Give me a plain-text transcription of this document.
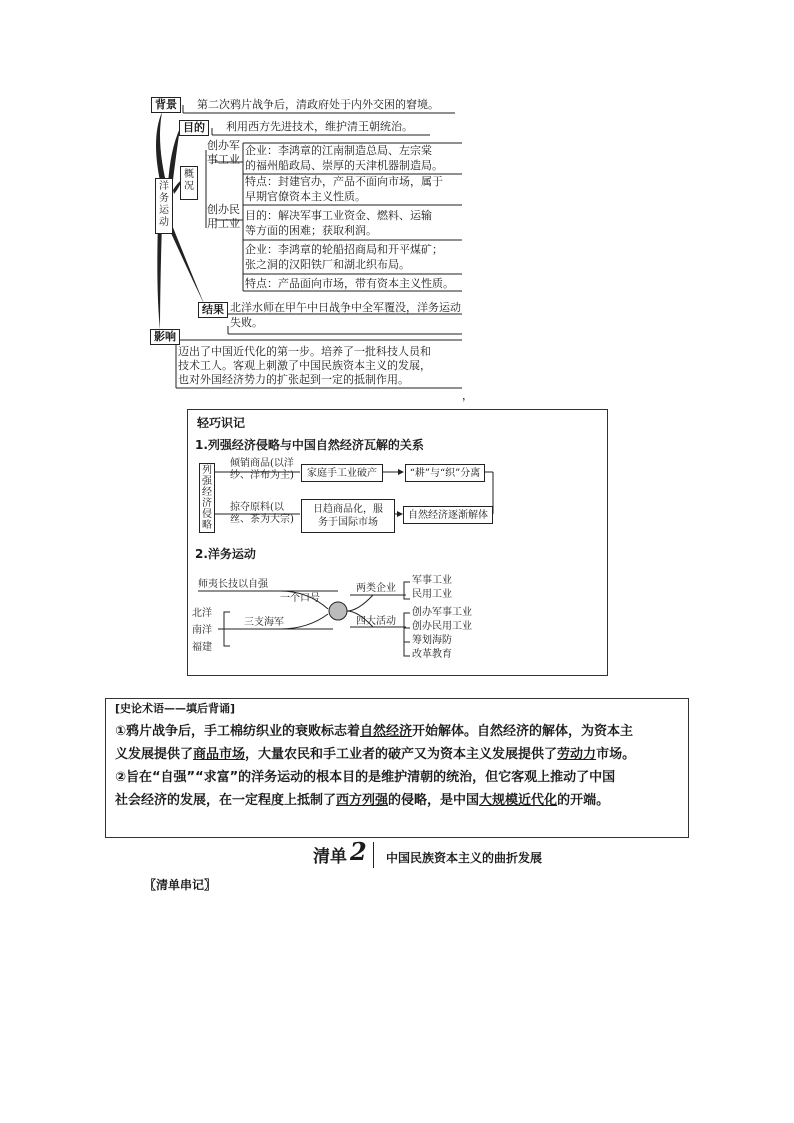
洋
务
运
动
背景	第二次鸦片战争后，清政府处于内外交困的窘境。
目的	利用西方先进技术，维护清王朝统治。
概
况
创办军
事工业
企业：李鸿章的江南制造总局、左宗棠
的福州船政局、崇厚的天津机器制造局。
特点：封建官办，产品不面向市场，属于
早期官僚资本主义性质。
创办民
用工业
目的：解决军事工业资金、燃料、运输
等方面的困难；获取利润。
企业：李鸿章的轮船招商局和开平煤矿；
张之洞的汉阳铁厂和湖北织布局。
特点：产品面向市场，带有资本主义性质。
结果 北洋水师在甲午中日战争中全军覆没，洋务运动
失败。
影响
迈出了中国近代化的第一步。培养了一批科技人员和
技术工人。客观上刺激了中国民族资本主义的发展，
也对外国经济势力的扩张起到一定的抵制作用。
，
轻巧识记
1.列强经济侵略与中国自然经济瓦解的关系
列
强
经
济
侵
略
倾销商品(以洋
纱、洋布为主)	家庭手工业破产	“耕”与“织”分离
掠夺原料(以
丝、茶为大宗)
日趋商品化，服
务于国际市场
自然经济逐渐解体
2.洋务运动
师夷长技以自强
一个口号
三支海军
北洋
南洋
福建
两类企业
军事工业
民用工业
四大活动
创办军事工业
创办民用工业
筹划海防
改革教育
[史论术语——填后背诵]
①鸦片战争后，手工棉纺织业的衰败标志着自然经济开始解体。自然经济的解体，为资本主
义发展提供了商品市场，大量农民和手工业者的破产又为资本主义发展提供了劳动力市场。
②旨在“自强”“求富”的洋务运动的根本目的是维护清朝的统治，但它客观上推动了中国
社会经济的发展，在一定程度上抵制了西方列强的侵略，是中国大规模近代化的开端。
清单 2 中国民族资本主义的曲折发展
〖清单串记〗
